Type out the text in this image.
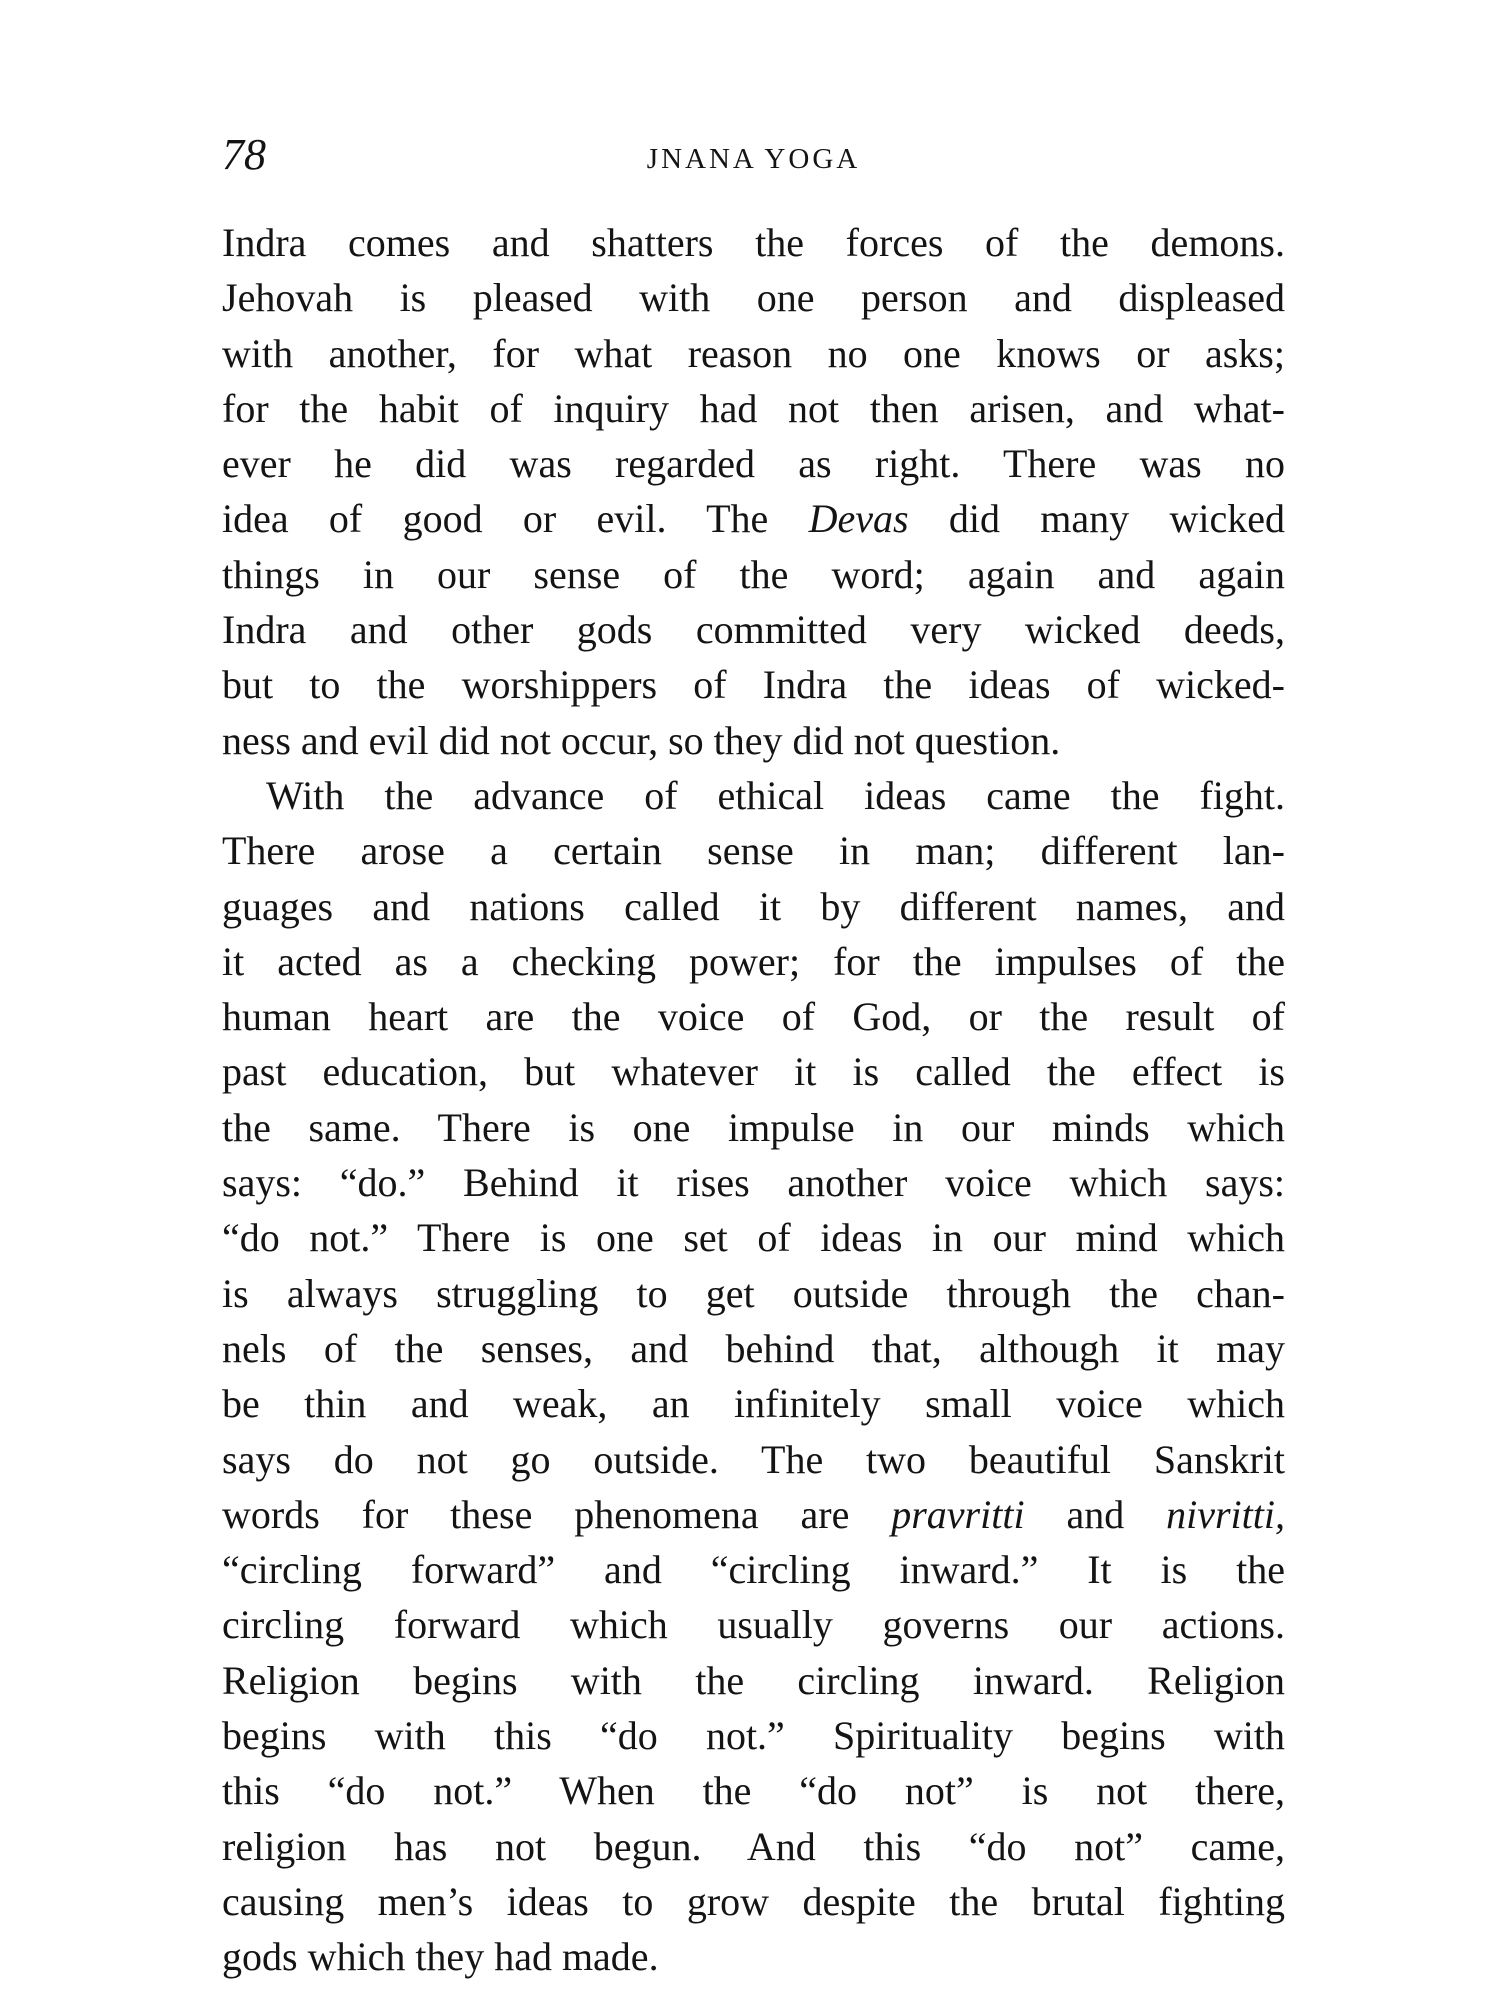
78	JNANA YOGA
Indra comes and shatters the forces of the demons.
Jehovah is pleased with one person and displeased
with another, for what reason no one knows or asks;
for the habit of inquiry had not then arisen, and what-
ever he did was regarded as right. There was no
idea of good or evil. The Devas did many wicked
things in our sense of the word; again and again
Indra and other gods committed very wicked deeds,
but to the worshippers of Indra the ideas of wicked-
ness and evil did not occur, so they did not question.
With the advance of ethical ideas came the fight.
There arose a certain sense in man; different lan-
guages and nations called it by different names, and
it acted as a checking power; for the impulses of the
human heart are the voice of God, or the result of
past education, but whatever it is called the effect is
the same. There is one impulse in our minds which
says: “do.” Behind it rises another voice which says:
“do not.” There is one set of ideas in our mind which
is always struggling to get outside through the chan-
nels of the senses, and behind that, although it may
be thin and weak, an infinitely small voice which
says do not go outside. The two beautiful Sanskrit
words for these phenomena are pravritti and nivritti,
“circling forward” and “circling inward.” It is the
circling forward which usually governs our actions.
Religion begins with the circling inward. Religion
begins with this “do not.” Spirituality begins with
this “do not.” When the “do not” is not there,
religion has not begun. And this “do not” came,
causing men’s ideas to grow despite the brutal fighting
gods which they had made.
